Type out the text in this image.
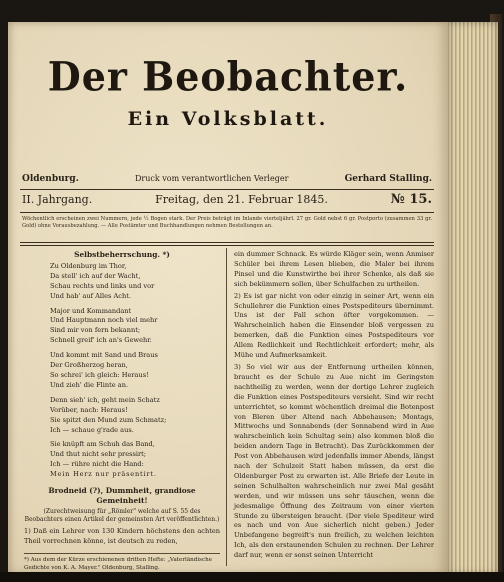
Der Beobachter.
Ein Volksblatt.
Oldenburg.	Druck vom verantwortlichen Verleger	Gerhard Stalling.
II. Jahrgang.	Freitag, den 21. Februar 1845.	№ 15.
Wöchentlich erscheinen zwei Nummern, jede ½ Bogen stark. Der Preis beträgt im Inlande vierteljährl. 27 gr. Gold nebst 6 gr. Postporto (zusammen 33 gr. Gold) ohne Vorausbezahlung. — Alle Postämter und Buchhandlungen nehmen Bestellungen an.
Selbstbeherrschung. *)

Zu Oldenburg im Thor,

Da stell' ich auf der Wacht,

Schau rechts und links und vor

Und hab' auf Alles Acht.

Major und Kommandant

Und Hauptmann noch viel mehr

Sind mir von fern bekannt;

Schnell greif' ich an's Gewehr.

Und kommt mit Sand und Braus

Der Großherzog heran,

So schrei' ich gleich: Heraus!

Und zieh' die Flinte an.

Denn sieh' ich, geht mein Schatz

Vorüber, nach: Heraus!

Sie spitzt den Mund zum Schmatz;

Ich — schaue g'rade aus.

Sie knüpft am Schuh das Band,

Und thut nicht sehr pressirt;

Ich — rühre nicht die Hand:

Mein Herz nur präsentirt.

Brodneid (?), Dummheit, grandiose Gemeinheit!
(Zurechtweisung für „Römler" welche auf S. 55 des Beobachters einen Artikel der gemeinsten Art veröffentlichten.)

1) Daß ein Lehrer von 130 Kindern höchstens den achten Theil vorrechnen könne, ist deutsch zu reden,

*) Aus dem der Kürze erschienenen dritten Hefte: „Vaterländische Gedichte von K. A. Mayer." Oldenburg, Stalling.

ein dummer Schnack. Es würde Kläger sein, wenn Anmiser Schüler bei ihrem Lesen blieben, die Maler bei ihrem Pinsel und die Kunstwirthe bei ihrer Schenke, als daß sie sich bekümmern sollen, über Schulfachen zu urtheilen.

2) Es ist gar nicht von oder einzig in seiner Art, wenn ein Schullehrer die Funktion eines Postspediteurs übernimmt. Uns ist der Fall schon öfter vorgekommen. — Wahrscheinlich haben die Einsender bloß vergessen zu bemerken, daß die Funktion eines Postspediteurs vor Allem Redlichkeit und Rechtlichkeit erfordert; mehr, als Mühe und Aufmerksamkeit.

3) So viel wir aus der Entfernung urtheilen können, braucht es der Schule zu Aue nicht im Geringsten nachtheilig zu werden, wenn der dortige Lehrer zugleich die Funktion eines Postspediteurs versieht. Sind wir recht unterrichtet, so kommt wöchentlich dreimal die Botenpost von Bleren über Altend nach Abbehausen; Montags, Mittwochs und Sonnabends (der Sonnabend wird in Aue wahrscheinlich kein Schultag sein) also kommen bloß die beiden andern Tage in Betracht). Das Zurückkommen der Post von Abbehausen wird jedenfalls immer Abends, längst nach der Schulzeit Statt haben müssen, da erst die Oldenburger Post zu erwarten ist. Alle Briefe der Leute in seinen Schulhalten wahrscheinlich nur zwei Mal gesäht werden, und wir müssen uns sehr täuschen, wenn die jedesmalige Öffnung des Zeitraum von einer vierten Stunde zu übersteigen braucht. (Der viele Spediteur wird es nach und von Aue sicherlich nicht geben.) Jeder Unbefangene begreift's nun freilich, zu welchen leichten Ich, als den erstaunenden Schulen zu rechnen. Der Lehrer darf nur, wenn er sonst seinen Unterricht
